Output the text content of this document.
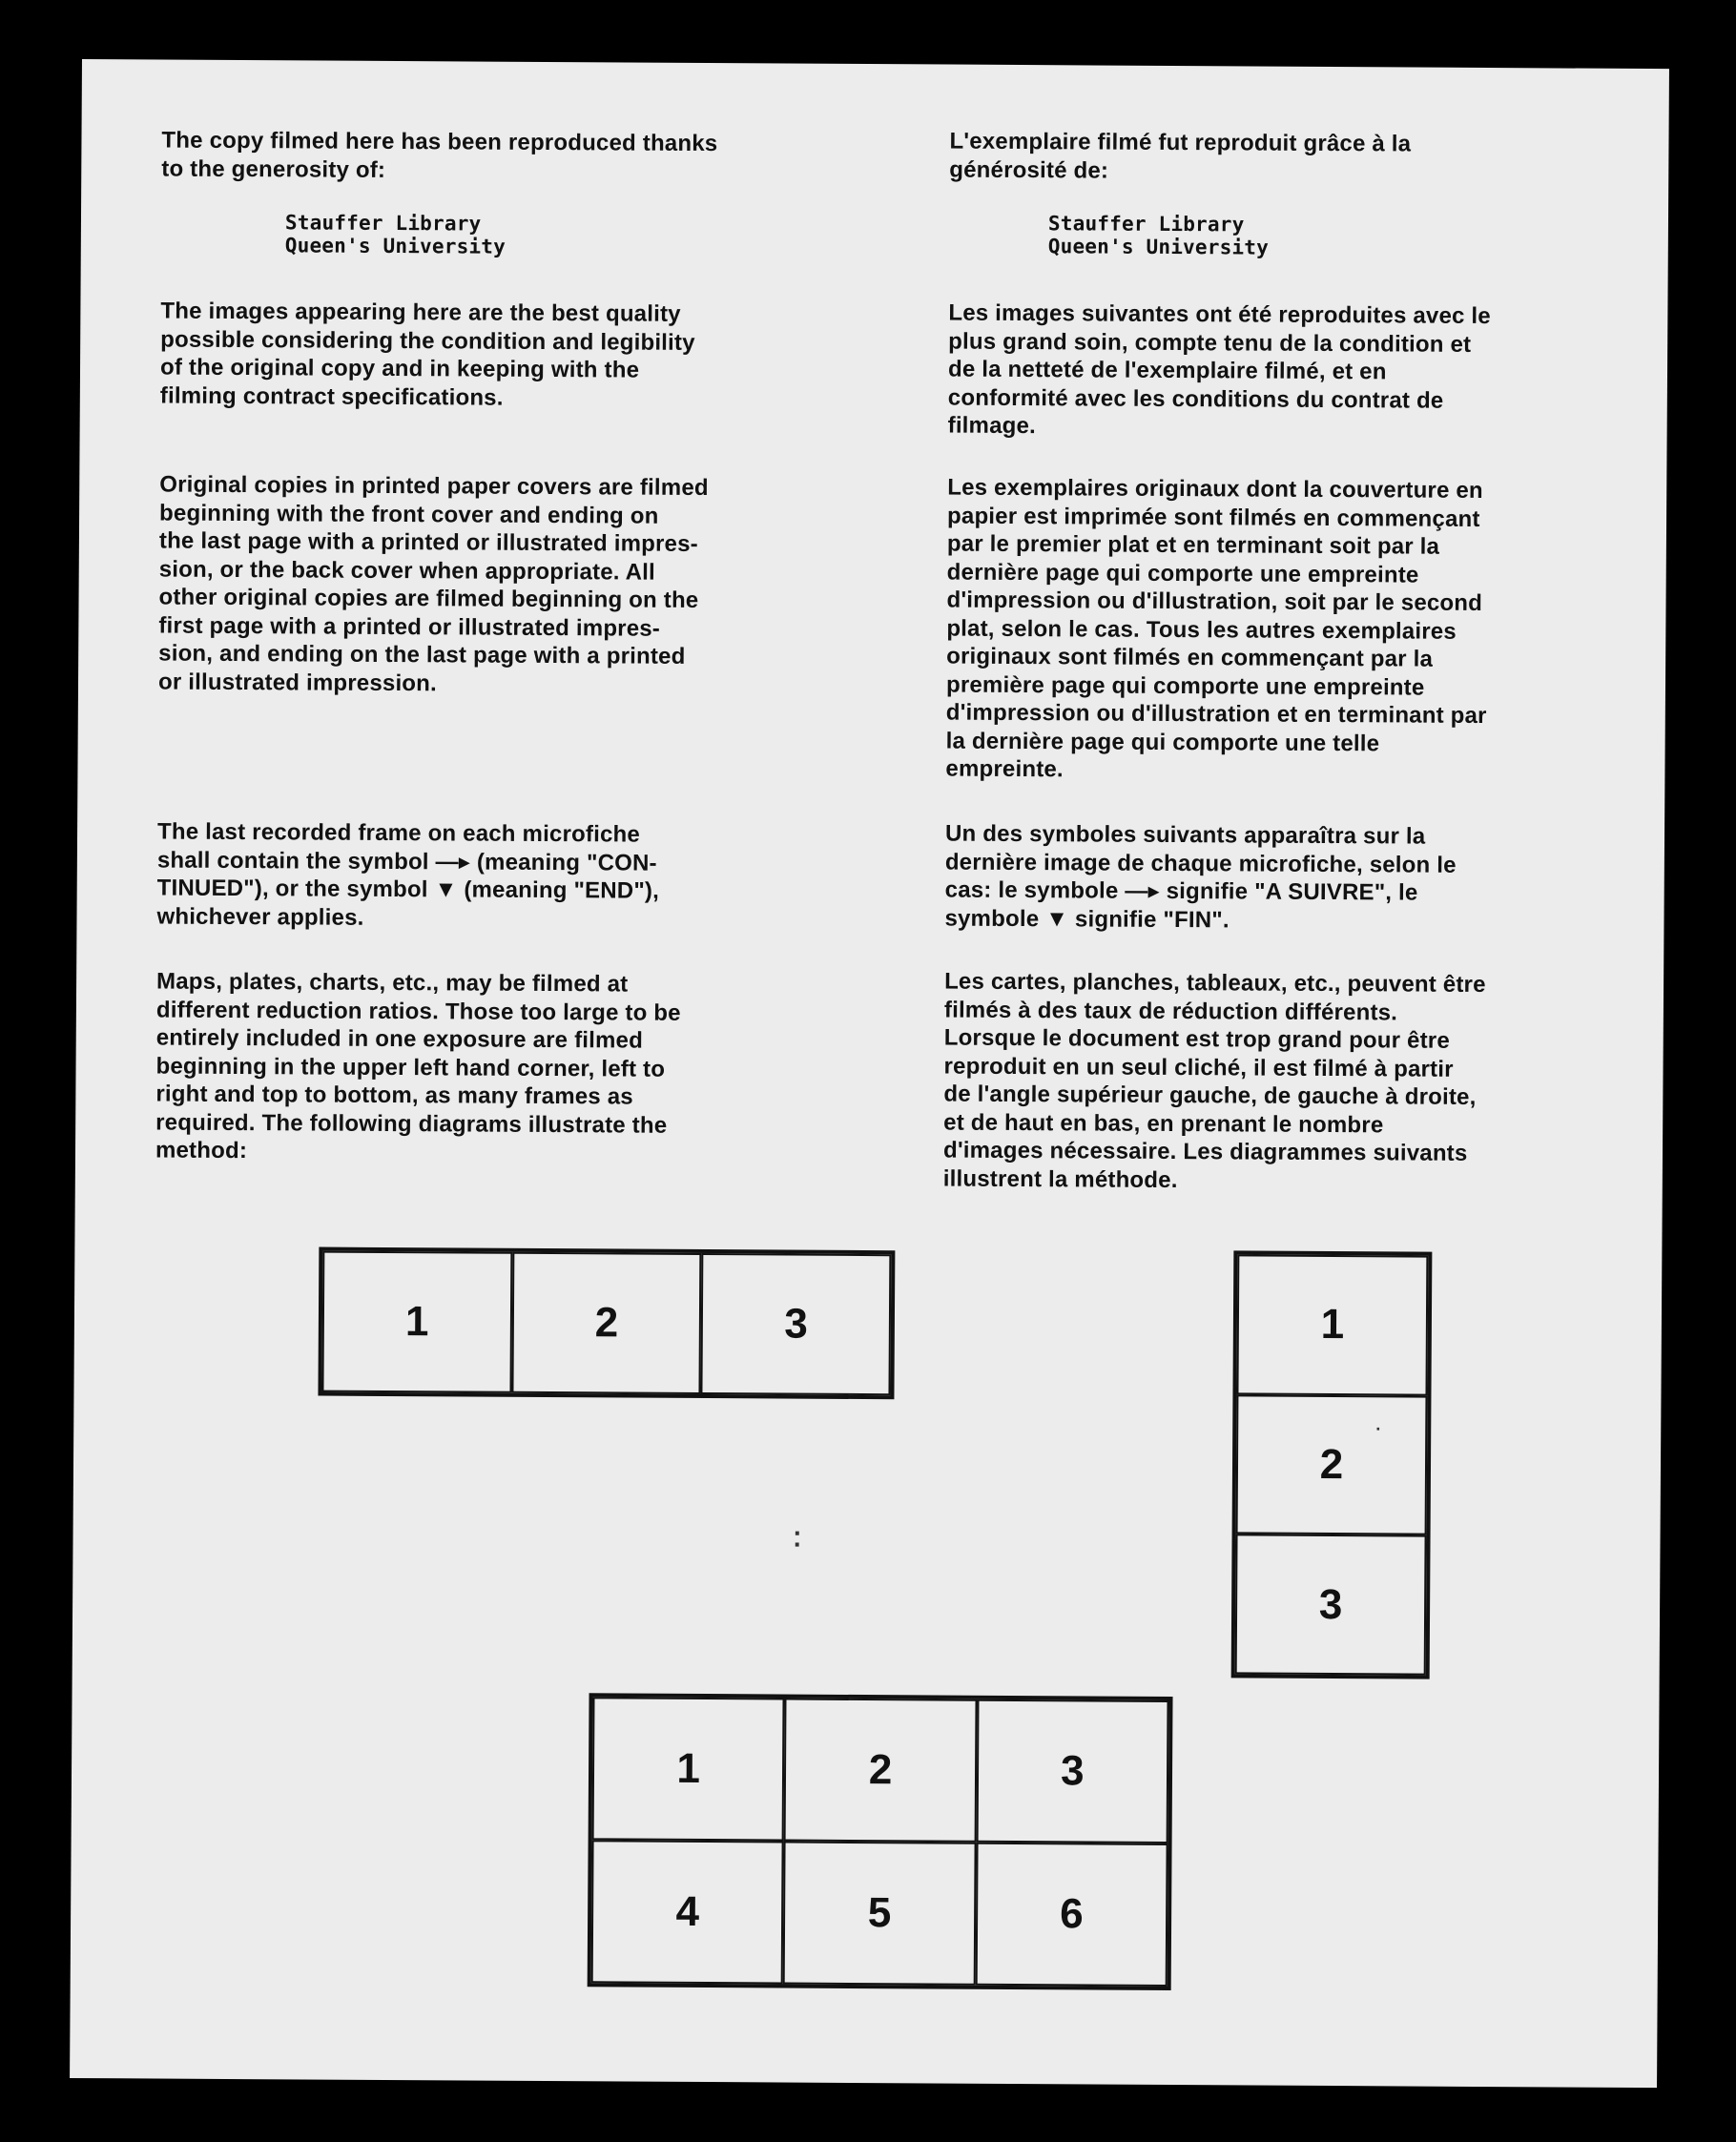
The copy filmed here has been reproduced thanks
to the generosity of:

Stauffer Library
Queen's University

The images appearing here are the best quality
possible considering the condition and legibility
of the original copy and in keeping with the
filming contract specifications.

Original copies in printed paper covers are filmed
beginning with the front cover and ending on
the last page with a printed or illustrated impres-
sion, or the back cover when appropriate. All
other original copies are filmed beginning on the
first page with a printed or illustrated impres-
sion, and ending on the last page with a printed
or illustrated impression.

The last recorded frame on each microfiche
shall contain the symbol —▸ (meaning "CON-
TINUED"), or the symbol ▼ (meaning "END"),
whichever applies.

Maps, plates, charts, etc., may be filmed at
different reduction ratios. Those too large to be
entirely included in one exposure are filmed
beginning in the upper left hand corner, left to
right and top to bottom, as many frames as
required. The following diagrams illustrate the
method:

L'exemplaire filmé fut reproduit grâce à la
générosité de:

Stauffer Library
Queen's University

Les images suivantes ont été reproduites avec le
plus grand soin, compte tenu de la condition et
de la netteté de l'exemplaire filmé, et en
conformité avec les conditions du contrat de
filmage.

Les exemplaires originaux dont la couverture en
papier est imprimée sont filmés en commençant
par le premier plat et en terminant soit par la
dernière page qui comporte une empreinte
d'impression ou d'illustration, soit par le second
plat, selon le cas. Tous les autres exemplaires
originaux sont filmés en commençant par la
première page qui comporte une empreinte
d'impression ou d'illustration et en terminant par
la dernière page qui comporte une telle
empreinte.

Un des symboles suivants apparaîtra sur la
dernière image de chaque microfiche, selon le
cas: le symbole —▸ signifie "A SUIVRE", le
symbole ▼ signifie "FIN".

Les cartes, planches, tableaux, etc., peuvent être
filmés à des taux de réduction différents.
Lorsque le document est trop grand pour être
reproduit en un seul cliché, il est filmé à partir
de l'angle supérieur gauche, de gauche à droite,
et de haut en bas, en prenant le nombre
d'images nécessaire. Les diagrammes suivants
illustrent la méthode.

1	2	3	1
2
3
1	2	3
4	5	6
⁚
·
